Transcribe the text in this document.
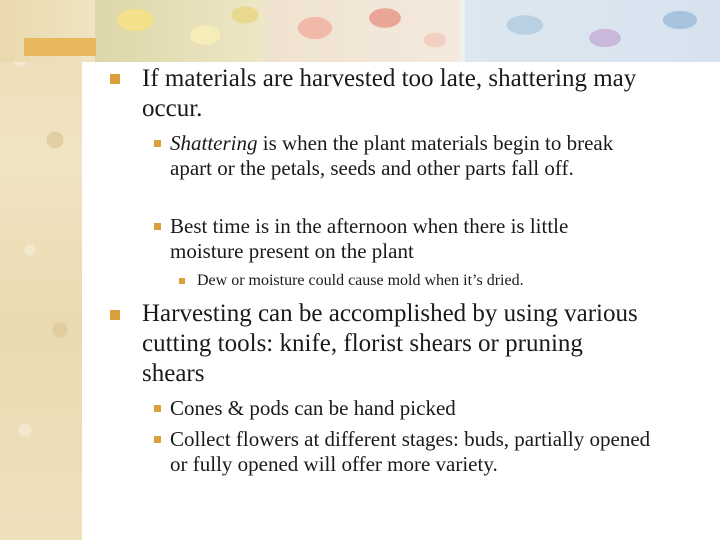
If materials are harvested too late, shattering may occur.
Shattering is when the plant materials begin to break apart or the petals, seeds and other parts fall off.
Best time is in the afternoon when there is little moisture present on the plant
Dew or moisture could cause mold when it’s dried.
Harvesting can be accomplished by using various cutting tools: knife, florist shears or pruning shears
Cones & pods can be hand picked
Collect flowers at different stages: buds, partially opened or fully opened will offer more variety.
